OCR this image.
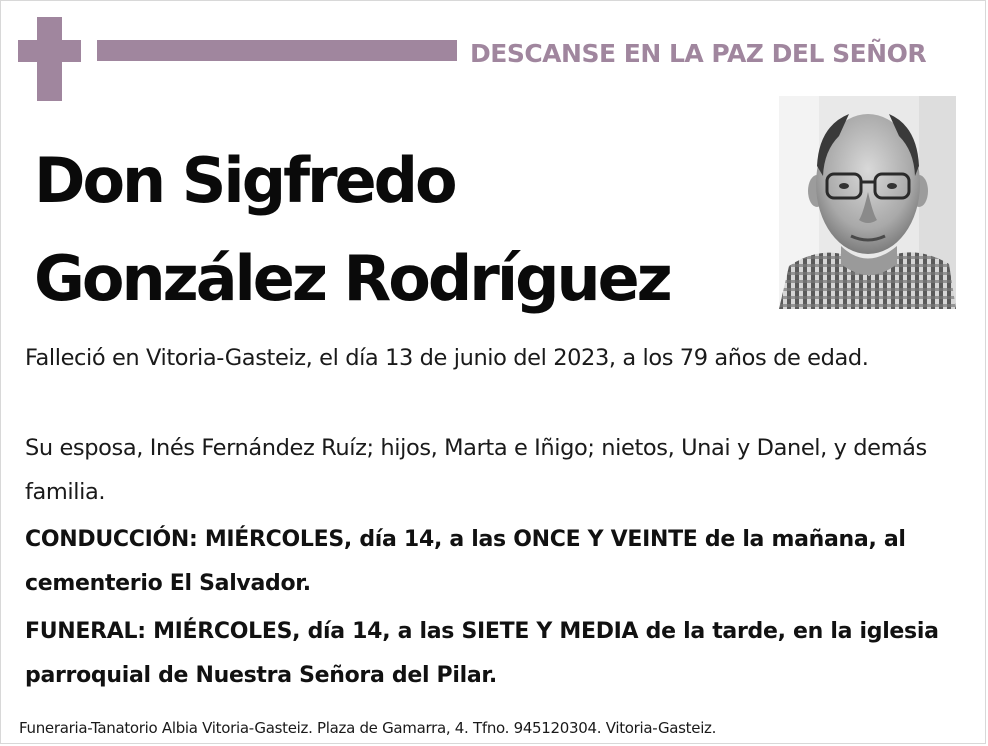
DESCANSE EN LA PAZ DEL SEÑOR
Don Sigfredo
González Rodríguez
Falleció en Vitoria-Gasteiz, el día 13 de junio del 2023, a los 79 años de edad.
Su esposa, Inés Fernández Ruíz; hijos, Marta e Iñigo; nietos, Unai y Danel, y demás familia.
CONDUCCIÓN: MIÉRCOLES, día 14, a las ONCE Y VEINTE de la mañana, al cementerio El Salvador.
FUNERAL: MIÉRCOLES, día 14, a las SIETE Y MEDIA de la tarde, en la iglesia parroquial de Nuestra Señora del Pilar.
Funeraria-Tanatorio Albia Vitoria-Gasteiz. Plaza de Gamarra, 4. Tfno. 945120304. Vitoria-Gasteiz.
